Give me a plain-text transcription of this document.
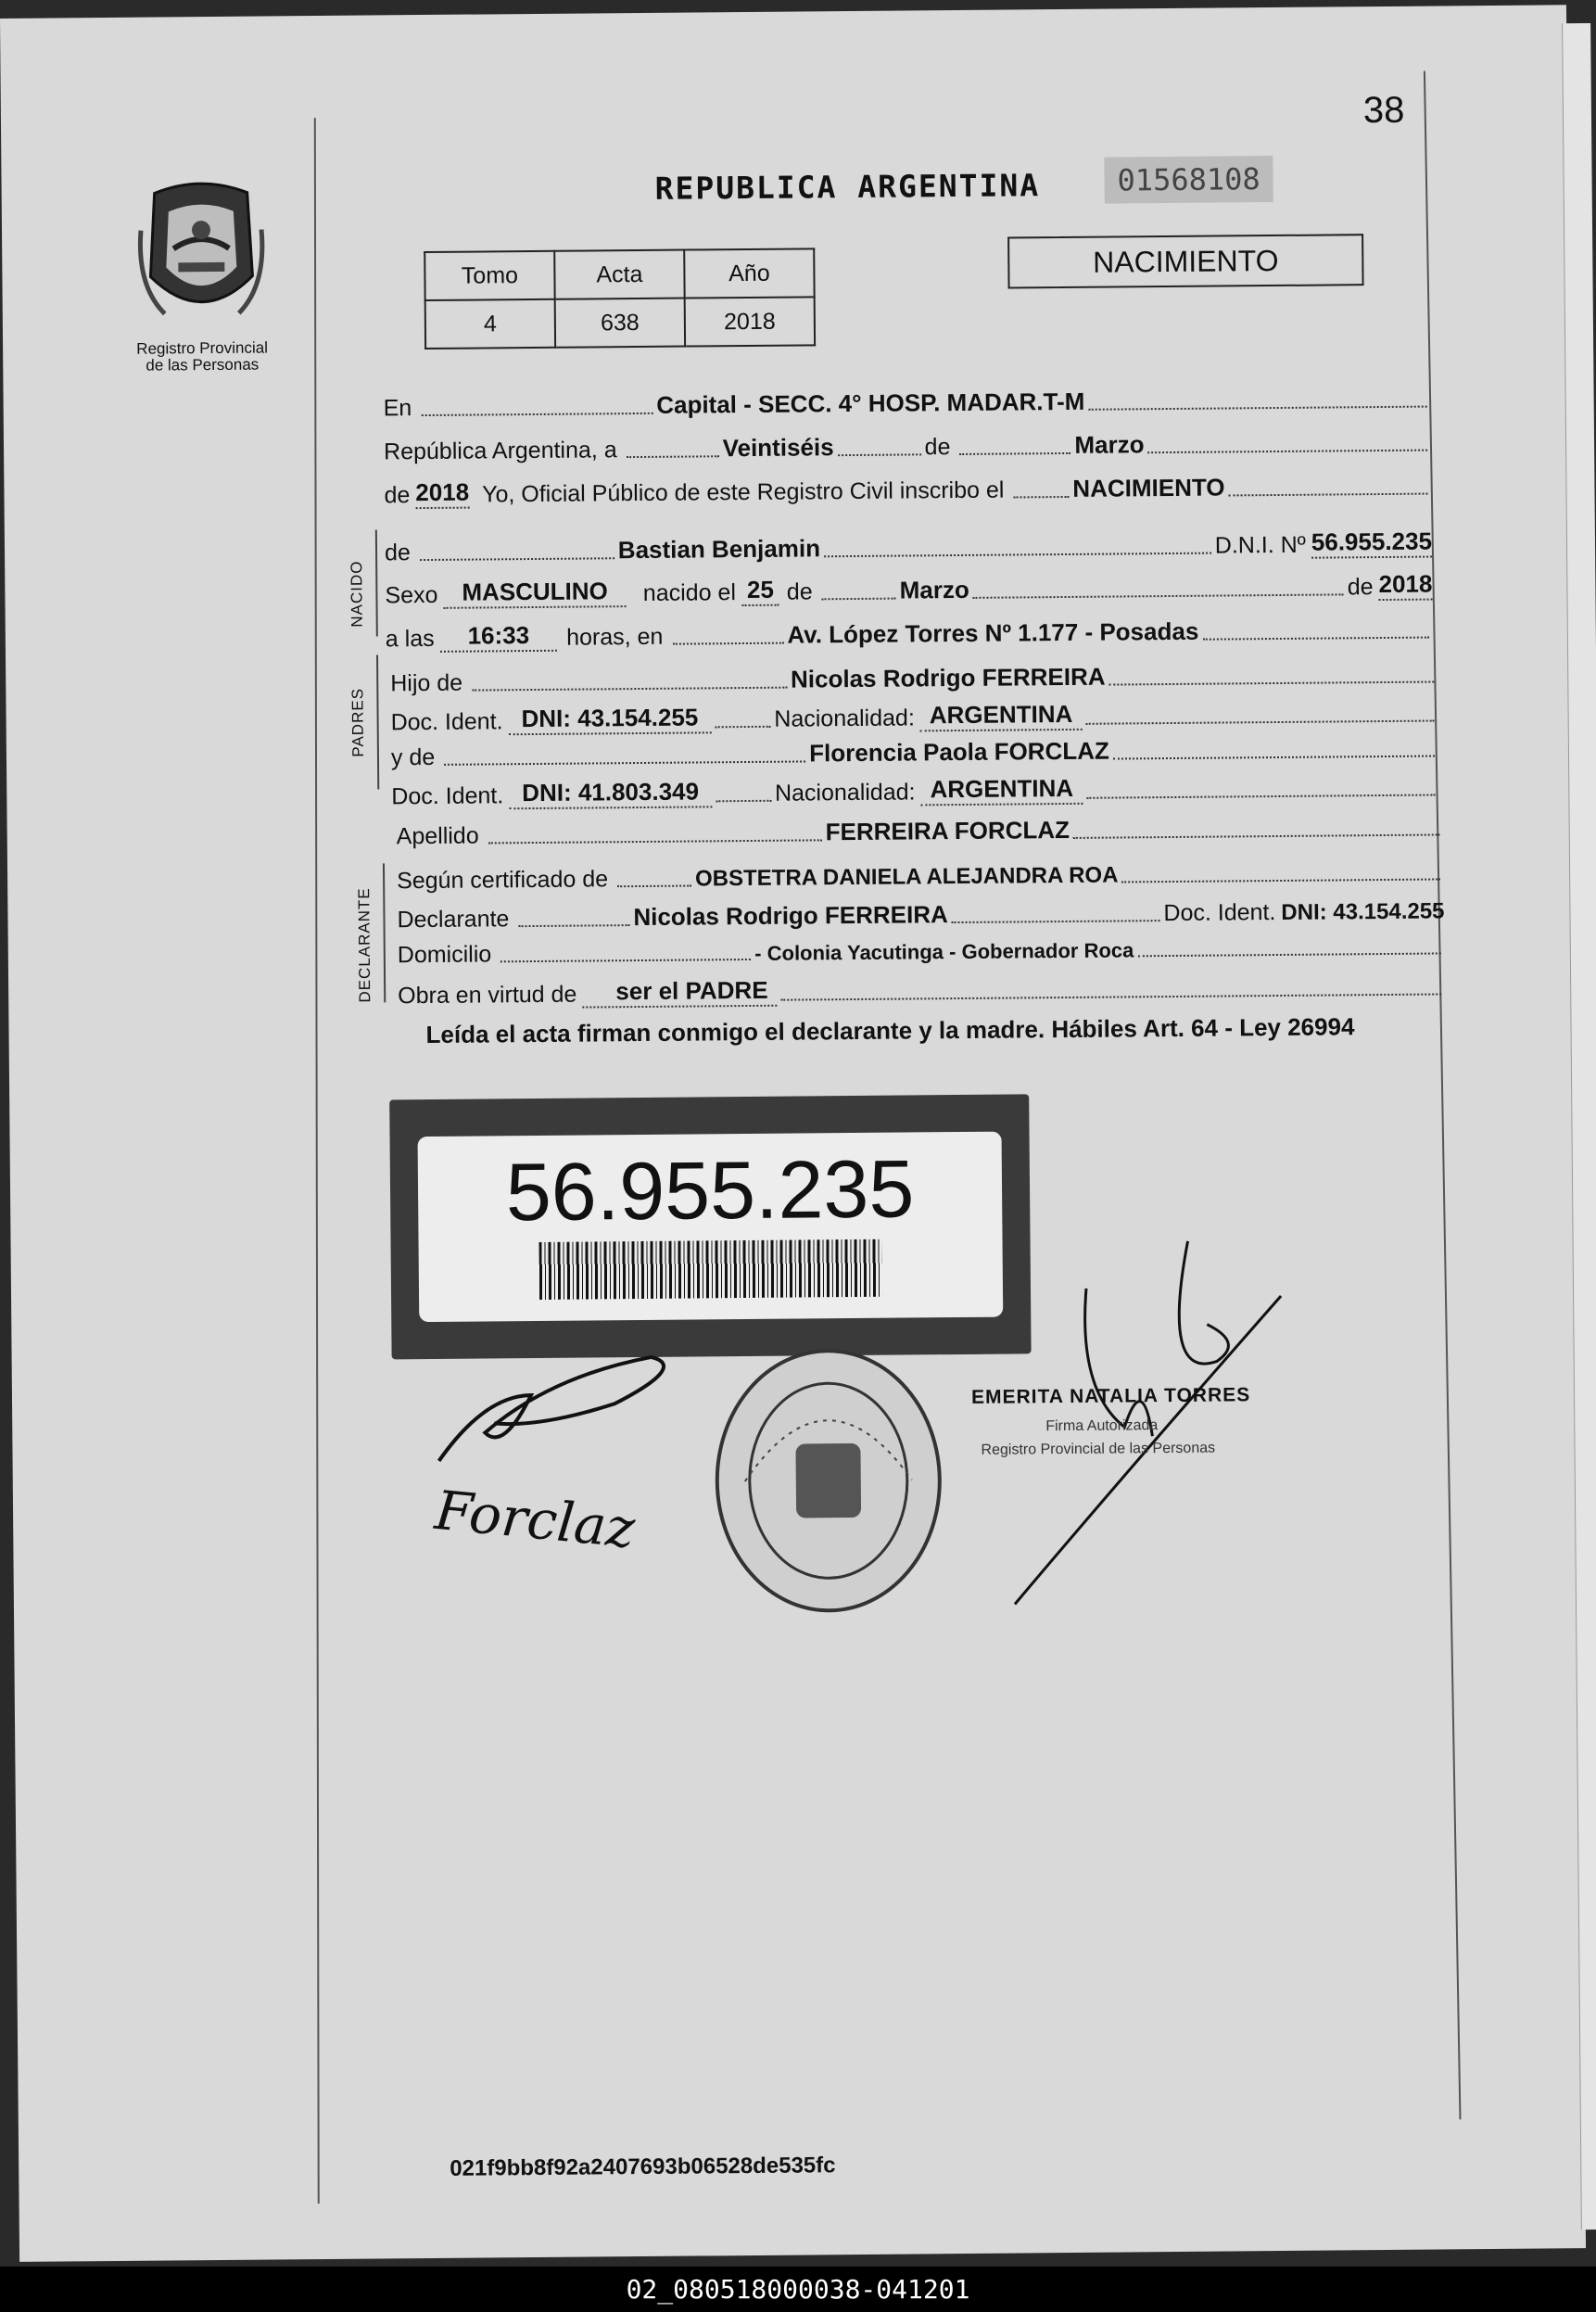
38
Registro Provincial
de las Personas
REPUBLICA ARGENTINA	01568108
Tomo	Acta	Año
4	638	2018
NACIMIENTO
En	Capital - SECC. 4° HOSP. MADAR.T-M
República Argentina, a	Veintiséis	de	Marzo
de 2018 Yo, Oficial Público de este Registro Civil inscribo el	NACIMIENTO
NACIDO
de	Bastian Benjamin	D.N.I. Nº 56.955.235
Sexo MASCULINO	nacido el 25 de	Marzo	de 2018
a las	16:33	horas, en	Av. López Torres Nº 1.177 - Posadas
PADRES
Hijo de	Nicolas Rodrigo FERREIRA
Doc. Ident. DNI: 43.154.255	Nacionalidad: ARGENTINA
y de	Florencia Paola FORCLAZ
Doc. Ident. DNI: 41.803.349	Nacionalidad: ARGENTINA
Apellido	FERREIRA FORCLAZ
DECLARANTE
Según certificado de	OBSTETRA DANIELA ALEJANDRA ROA
Declarante	Nicolas Rodrigo FERREIRA	Doc. Ident. DNI: 43.154.255
Domicilio	- Colonia Yacutinga - Gobernador Roca
Obra en virtud de	ser el PADRE
Leída el acta firman conmigo el declarante y la madre. Hábiles Art. 64 - Ley 26994
56.955.235
Forclaz
EMERITA NATALIA TORRES
Firma Autorizada
Registro Provincial de las Personas
021f9bb8f92a2407693b06528de535fc
02_080518000038-041201
